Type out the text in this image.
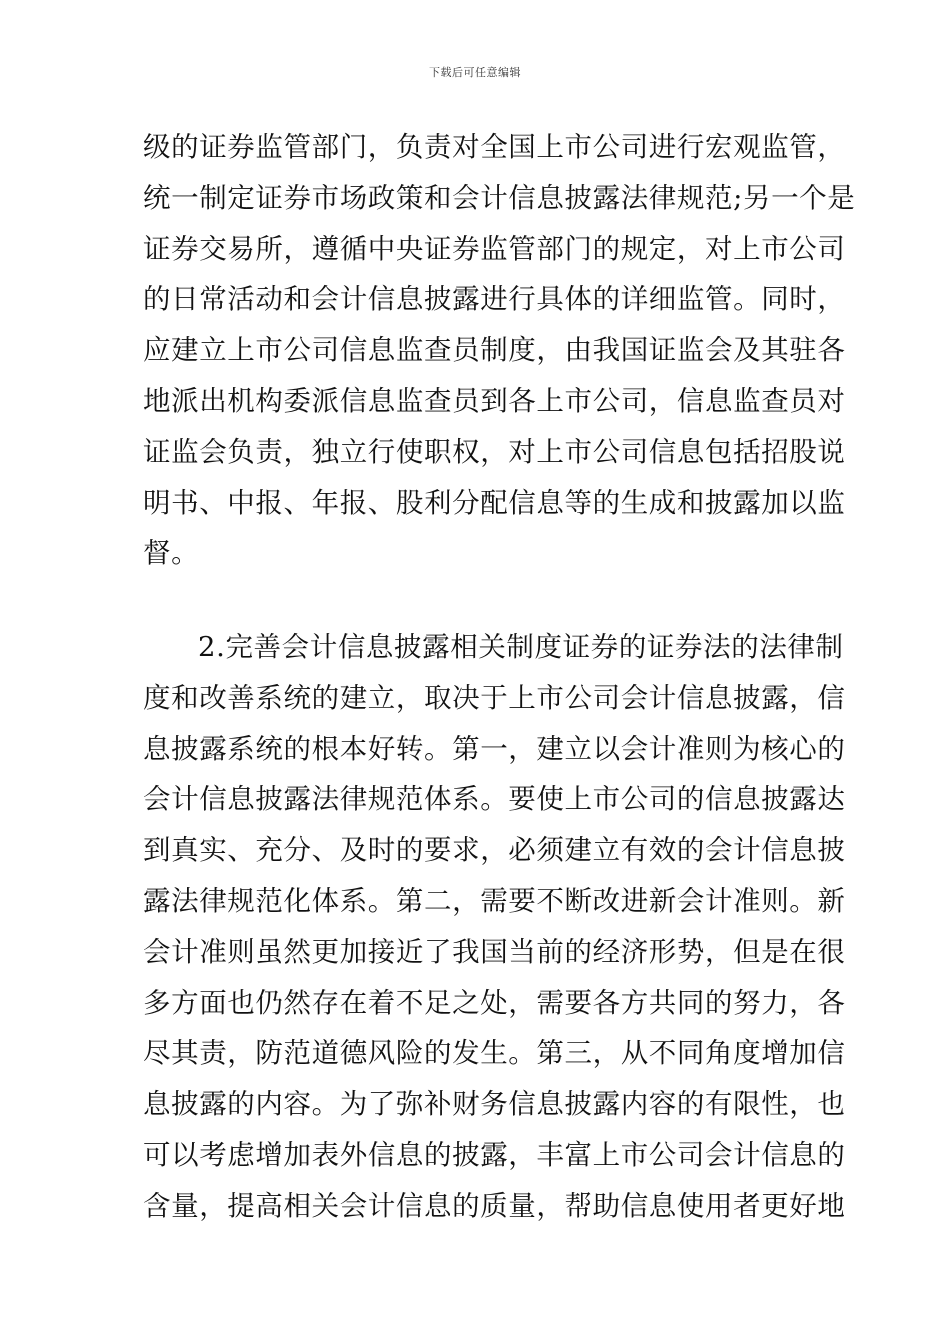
下载后可任意编辑
级的证券监管部门，负责对全国上市公司进行宏观监管，
统一制定证券市场政策和会计信息披露法律规范;另一个是
证券交易所，遵循中央证券监管部门的规定，对上市公司
的日常活动和会计信息披露进行具体的详细监管。同时，
应建立上市公司信息监查员制度，由我国证监会及其驻各
地派出机构委派信息监查员到各上市公司，信息监查员对
证监会负责，独立行使职权，对上市公司信息包括招股说
明书、中报、年报、股利分配信息等的生成和披露加以监
督。
2.完善会计信息披露相关制度证券的证券法的法律制
度和改善系统的建立，取决于上市公司会计信息披露，信
息披露系统的根本好转。第一，建立以会计准则为核心的
会计信息披露法律规范体系。要使上市公司的信息披露达
到真实、充分、及时的要求，必须建立有效的会计信息披
露法律规范化体系。第二，需要不断改进新会计准则。新
会计准则虽然更加接近了我国当前的经济形势，但是在很
多方面也仍然存在着不足之处，需要各方共同的努力，各
尽其责，防范道德风险的发生。第三，从不同角度增加信
息披露的内容。为了弥补财务信息披露内容的有限性，也
可以考虑增加表外信息的披露，丰富上市公司会计信息的
含量，提高相关会计信息的质量，帮助信息使用者更好地
